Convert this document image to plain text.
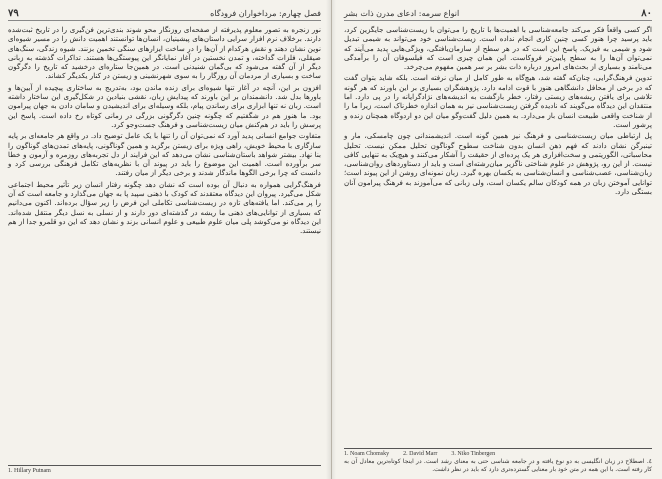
٧٩	فصل چهارم: مرداخواران فرودگاه

نور زنجره به تصور معلوم پذیرفته از صفحه‌ای روزنگار محو شوند بندی‌ترین فن‌گیری را در تاریخ ثبت‌شده دارند. برخلاف نرم افزار سرایی داستان‌های پیشینیان، انسان‌ها توانستند اهمیت دانش را در مسیر شیوه‌ای نوین نشان دهند و نقش هرکدام از آن‌ها را در ساخت ایزارهای سنگی تخمین بزنند. شیوه زندگی، سنگ‌های صیقلی، فلزات گداخته، و تمدن نخستین در آغاز نمایانگر این پیوستگی‌ها هستند. تداکرات گذشته به زبانی دیگر از آن گفته می‌شود که بی‌گمان شنیدنی است. در همین‌جا ستاره‌ای درخشید که تاریخ را دگرگون ساخت و بسیاری از مردمان آن روزگار را به سوی شهرنشینی و زیستن در کنار یکدیگر کشاند.

افزون بر این، آنچه در آغاز تنها شیوه‌ای برای زنده ماندن بود، به‌تدریج به ساختاری پیچیده از آیین‌ها و باورها بدل شد. دانشمندان بر این باورند که پیدایش زبان، نقشی بنیادین در شکل‌گیری این ساختار داشته است. زبان نه تنها ابزاری برای رساندن پیام، بلکه وسیله‌ای برای اندیشیدن و سامان دادن به جهان پیرامون بود. ما هنوز هم در شگفتیم که چگونه چنین دگرگونی بزرگی در زمانی کوتاه رخ داده است. پاسخ این پرسش را باید در هم‌کنش میان زیست‌شناسی و فرهنگ جست‌وجو کرد.

متفاوت جوامع انسانی پدید آورد که نمی‌توان آن را تنها با یک عامل توضیح داد. در واقع هر جامعه‌ای بر پایه سازگاری با محیط خویش، راهی ویژه برای زیستن برگزید و همین گوناگونی، پایه‌های تمدن‌های گوناگون را بنا نهاد. بیشتر شواهد باستان‌شناسی نشان می‌دهد که این فرایند از دل تجربه‌های روزمره و آزمون و خطا سر برآورده است. اهمیت این موضوع را باید در پیوند آن با نظریه‌های تکامل فرهنگی بررسی کرد و دانست که چرا برخی الگوها ماندگار شدند و برخی دیگر از میان رفتند.

فرهنگ‌گرایی همواره به دنبال آن بوده است که نشان دهد چگونه رفتار انسان زیر تأثیر محیط اجتماعی شکل می‌گیرد. پیروان این دیدگاه معتقدند که کودک با ذهنی سپید پا به جهان می‌گذارد و جامعه است که آن را پر می‌کند. اما یافته‌های تازه در زیست‌شناسی تکاملی این فرض را زیر سؤال برده‌اند. اکنون می‌دانیم که بسیاری از توانایی‌های ذهنی ما ریشه در گذشته‌ای دور دارند و از نسلی به نسل دیگر منتقل شده‌اند. این دیدگاه نو می‌کوشد پلی میان علوم طبیعی و علوم انسانی بزند و نشان دهد که این دو قلمرو جدا از هم نیستند.

1. Hillary Putnam
انواع سرمه: ادعای مدرن ذات بشر	٨٠

اگر کسی واقعاً فکر می‌کند جامعه‌شناسی با اهمیت‌ها با تاریخ را می‌توان با زیست‌شناسی جایگزین کرد، باید پرسید چرا هنوز کسی چنین کاری انجام نداده است. زیست‌شناسی خود می‌تواند به شیمی تبدیل شود و شیمی به فیزیک. پاسخ این است که در هر سطح از سازمان‌یافتگی، ویژگی‌هایی پدید می‌آیند که نمی‌توان آن‌ها را به سطح پایین‌تر فروکاست. این همان چیزی است که فیلسوفان آن را برآمدگی می‌نامند و بسیاری از بحث‌های امروز درباره ذات بشر بر سر همین مفهوم می‌چرخد.

تدوین فرهنگ‌گرایی، چنان‌که گفته شد، هیچ‌گاه به طور کامل از میان نرفته است. بلکه شاید بتوان گفت که در برخی از محافل دانشگاهی هنوز با قوت ادامه دارد. پژوهشگران بسیاری بر این باورند که هر گونه تلاشی برای یافتن ریشه‌های زیستی رفتار، خطر بازگشت به اندیشه‌های نژادگرایانه را در پی دارد. اما منتقدان این دیدگاه می‌گویند که نادیده گرفتن زیست‌شناسی نیز به همان اندازه خطرناک است، زیرا ما را از شناخت واقعی طبیعت انسان باز می‌دارد. به همین دلیل گفت‌وگو میان این دو اردوگاه همچنان زنده و پرشور است.

پل ارتباطی میان زیست‌شناسی و فرهنگ نیز همین گونه است. اندیشمندانی چون چامسکی، مار و تینبرگن نشان دادند که فهم ذهن انسان بدون شناخت سطوح گوناگون تحلیل ممکن نیست. تحلیل محاسباتی، الگوریتمی و سخت‌افزاری هر یک پرده‌ای از حقیقت را آشکار می‌کنند و هیچ‌یک به تنهایی کافی نیست. از این رو، پژوهش در علوم شناختی ناگزیر میان‌رشته‌ای است و باید از دستاوردهای روان‌شناسی، زبان‌شناسی، عصب‌شناسی و انسان‌شناسی به یکسان بهره گیرد. زبان نمونه‌ای روشن از این پیوند است؛ توانایی آموختن زبان در همه کودکان سالم یکسان است، ولی زبانی که می‌آموزند به فرهنگ پیرامون آنان بستگی دارد.

1. Noam Chomsky 2. David Marr 3. Niko Tinbergen
٤. اصطلاح در زبان انگلیسی به دو نوع یافته و در جامعه شناسی حتی به معنای رشد است. در اینجا کوتاه‌ترین معادل آن به کار رفته است. با این همه در متن خود بار معنایی گسترده‌تری دارد که باید در نظر داشت.
